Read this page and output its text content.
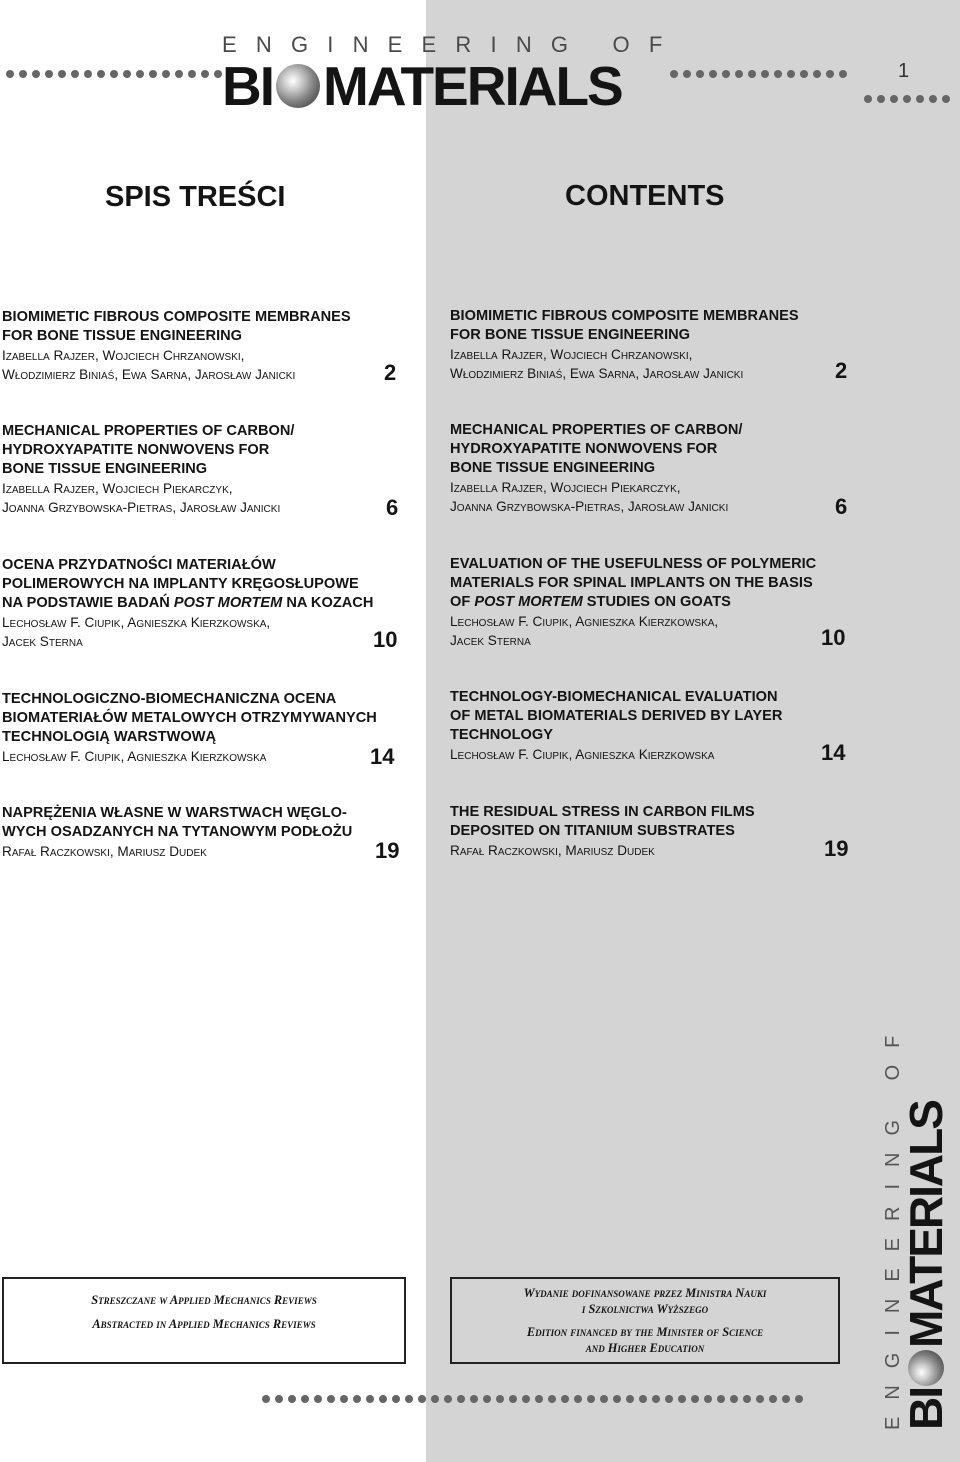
ENGINEERING OF
BI MATERIALS	1
SPIS TREŚCI	CONTENTS
BIOMIMETIC FIBROUS COMPOSITE MEMBRANES
FOR BONE TISSUE ENGINEERING
Izabella Rajzer, Wojciech Chrzanowski,
Włodzimierz Biniaś, Ewa Sarna, Jarosław Janicki	2
MECHANICAL PROPERTIES OF CARBON/
HYDROXYAPATITE NONWOVENS FOR
BONE TISSUE ENGINEERING
Izabella Rajzer, Wojciech Piekarczyk,
Joanna Grzybowska-Pietras, Jarosław Janicki	6
OCENA PRZYDATNOŚCI MATERIAŁÓW
POLIMEROWYCH NA IMPLANTY KRĘGOSŁUPOWE
NA PODSTAWIE BADAŃ POST MORTEM NA KOZACH
Lechosław F. Ciupik, Agnieszka Kierzkowska,
Jacek Sterna	10
TECHNOLOGICZNO-BIOMECHANICZNA OCENA
BIOMATERIAŁÓW METALOWYCH OTRZYMYWANYCH
TECHNOLOGIĄ WARSTWOWĄ
Lechosław F. Ciupik, Agnieszka Kierzkowska	14
NAPRĘŻENIA WŁASNE W WARSTWACH WĘGLO-
WYCH OSADZANYCH NA TYTANOWYM PODŁOŻU
Rafał Raczkowski, Mariusz Dudek	19
BIOMIMETIC FIBROUS COMPOSITE MEMBRANES
FOR BONE TISSUE ENGINEERING
Izabella Rajzer, Wojciech Chrzanowski,
Włodzimierz Biniaś, Ewa Sarna, Jarosław Janicki	2
MECHANICAL PROPERTIES OF CARBON/
HYDROXYAPATITE NONWOVENS FOR
BONE TISSUE ENGINEERING
Izabella Rajzer, Wojciech Piekarczyk,
Joanna Grzybowska-Pietras, Jarosław Janicki	6
EVALUATION OF THE USEFULNESS OF POLYMERIC
MATERIALS FOR SPINAL IMPLANTS ON THE BASIS
OF POST MORTEM STUDIES ON GOATS
Lechosław F. Ciupik, Agnieszka Kierzkowska,
Jacek Sterna	10
TECHNOLOGY-BIOMECHANICAL EVALUATION
OF METAL BIOMATERIALS DERIVED BY LAYER
TECHNOLOGY
Lechosław F. Ciupik, Agnieszka Kierzkowska	14
THE RESIDUAL STRESS IN CARBON FILMS
DEPOSITED ON TITANIUM SUBSTRATES
Rafał Raczkowski, Mariusz Dudek	19
Streszczane w Applied Mechanics Reviews
Abstracted in Applied Mechanics Reviews
Wydanie dofinansowane przez Ministra Nauki
i Szkolnictwa Wyższego
Edition financed by the Minister of Science
and Higher Education	ENGINEERING OF
BIMATERIALS
